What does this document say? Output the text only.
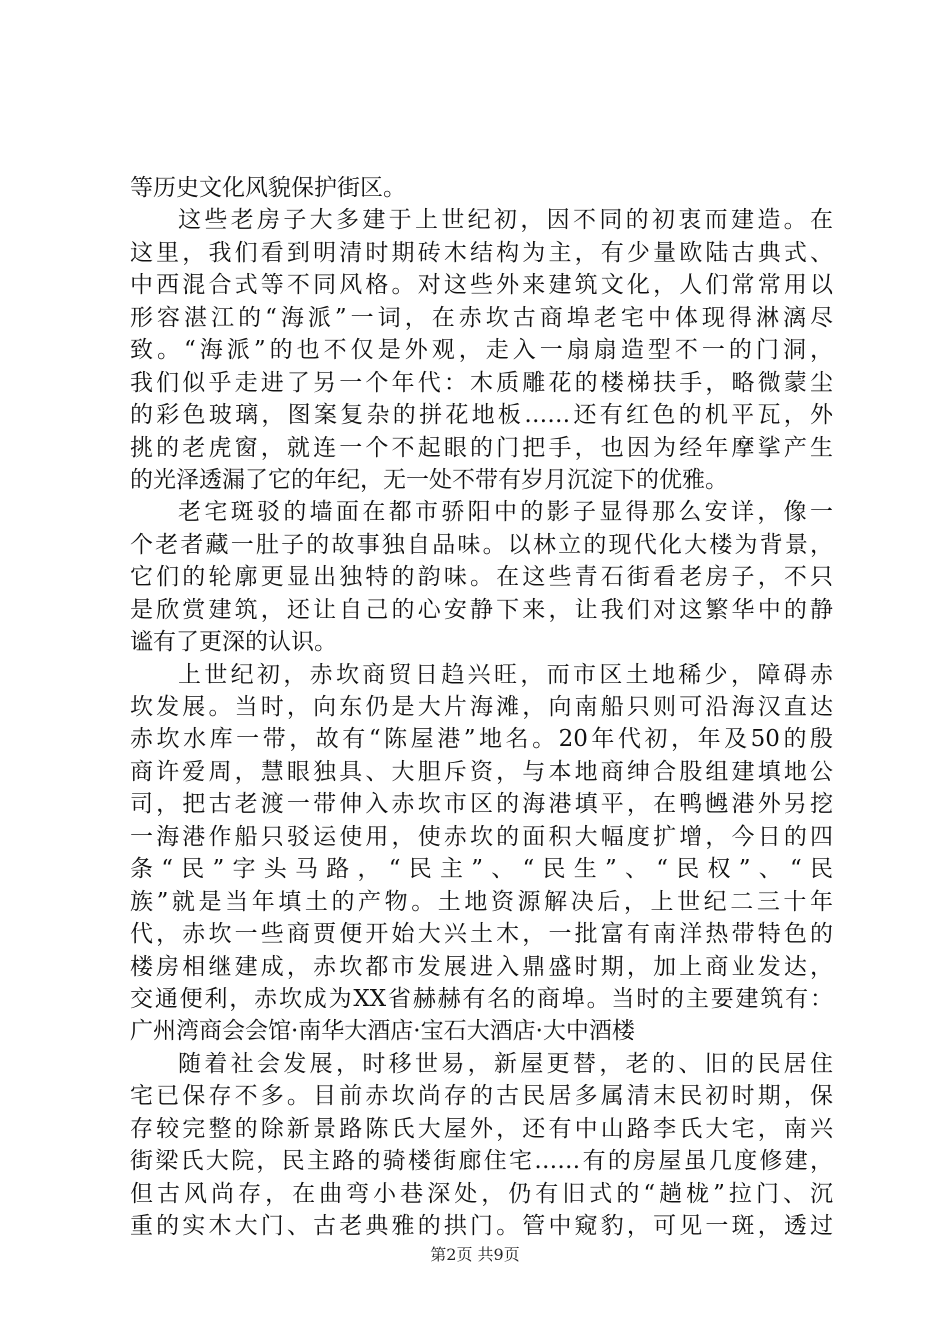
等历史文化风貌保护街区。
这些老房子大多建于上世纪初，因不同的初衷而建造。在
这里，我们看到明清时期砖木结构为主，有少量欧陆古典式、
中西混合式等不同风格。对这些外来建筑文化，人们常常用以
形容湛江的“海派”一词，在赤坎古商埠老宅中体现得淋漓尽
致。“海派”的也不仅是外观，走入一扇扇造型不一的门洞，
我们似乎走进了另一个年代：木质雕花的楼梯扶手，略微蒙尘
的彩色玻璃，图案复杂的拼花地板……还有红色的机平瓦，外
挑的老虎窗，就连一个不起眼的门把手，也因为经年摩挲产生
的光泽透漏了它的年纪，无一处不带有岁月沉淀下的优雅。
老宅斑驳的墙面在都市骄阳中的影子显得那么安详，像一
个老者藏一肚子的故事独自品味。以林立的现代化大楼为背景，
它们的轮廓更显出独特的韵味。在这些青石街看老房子，不只
是欣赏建筑，还让自己的心安静下来，让我们对这繁华中的静
谧有了更深的认识。
上世纪初，赤坎商贸日趋兴旺，而市区土地稀少，障碍赤
坎发展。当时，向东仍是大片海滩，向南船只则可沿海汉直达
赤坎水库一带，故有“陈屋港”地名。20年代初，年及50的殷
商许爱周，慧眼独具、大胆斥资，与本地商绅合股组建填地公
司，把古老渡一带伸入赤坎市区的海港填平，在鸭乸港外另挖
一海港作船只驳运使用，使赤坎的面积大幅度扩增，今日的四
条“民”字头马路，“民主”、“民生”、“民权”、“民
族”就是当年填土的产物。土地资源解决后，上世纪二三十年
代，赤坎一些商贾便开始大兴土木，一批富有南洋热带特色的
楼房相继建成，赤坎都市发展进入鼎盛时期，加上商业发达，
交通便利，赤坎成为XX省赫赫有名的商埠。当时的主要建筑有：
广州湾商会会馆·南华大酒店·宝石大酒店·大中酒楼
随着社会发展，时移世易，新屋更替，老的、旧的民居住
宅已保存不多。目前赤坎尚存的古民居多属清末民初时期，保
存较完整的除新景路陈氏大屋外，还有中山路李氏大宅，南兴
街梁氏大院，民主路的骑楼街廊住宅……有的房屋虽几度修建，
但古风尚存，在曲弯小巷深处，仍有旧式的“趟栊”拉门、沉
重的实木大门、古老典雅的拱门。管中窥豹，可见一斑，透过
第2页 共9页
